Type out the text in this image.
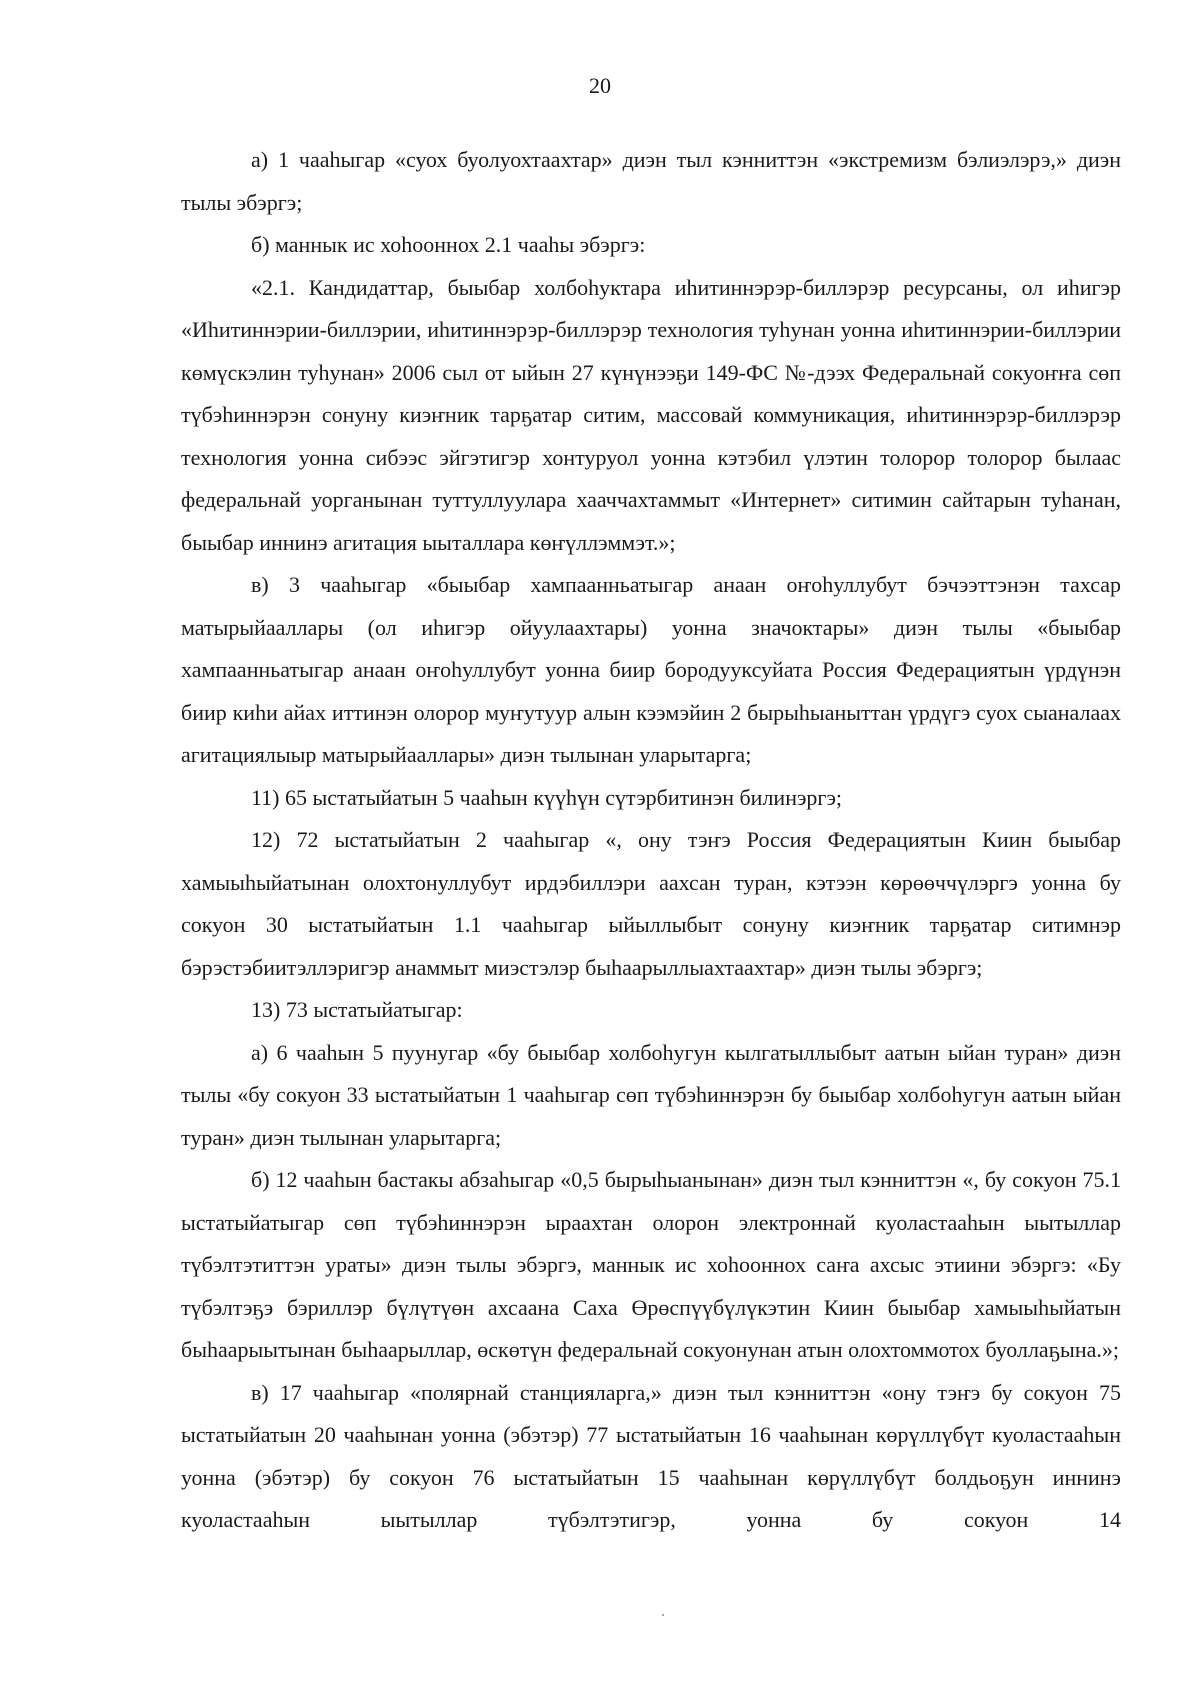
20

а) 1 чааһыгар «суох буолуохтаахтар» диэн тыл кэнниттэн «экстремизм бэлиэлэрэ,» диэн тылы эбэргэ;

б) маннык ис хоһооннох 2.1 чааһы эбэргэ:

«2.1. Кандидаттар, быыбар холбоһуктара иһитиннэрэр-биллэрэр ресурсаны, ол иһигэр «Иһитиннэрии-биллэрии, иһитиннэрэр-биллэрэр технология туһунан уонна иһитиннэрии-биллэрии көмүскэлин туһунан» 2006 сыл от ыйын 27 күнүнээҕи 149-ФС №-дээх Федеральнай сокуоҥҥа сөп түбэһиннэрэн сонуну киэҥник тарҕатар ситим, массовай коммуникация, иһитиннэрэр-биллэрэр технология уонна сибээс эйгэтигэр хонтуруол уонна кэтэбил үлэтин толорор толорор былаас федеральнай уорганынан туттуллуулара хааччахтаммыт «Интернет» ситимин сайтарын туһанан, быыбар иннинэ агитация ыыталлара көҥүллэммэт.»;

в) 3 чааһыгар «быыбар хампаанньатыгар анаан оҥоһуллубут бэчээттэнэн тахсар матырыйааллары (ол иһигэр ойуулаахтары) уонна значоктары» диэн тылы «быыбар хампаанньатыгар анаан оҥоһуллубут уонна биир бородууксуйата Россия Федерациятын үрдүнэн биир киһи айах иттинэн олорор муҥутуур алын кээмэйин 2 бырыһыаныттан үрдүгэ суох сыаналаах агитациялыыр матырыйааллары» диэн тылынан уларытарга;

11) 65 ыстатыйатын 5 чааһын күүһүн сүтэрбитинэн билинэргэ;

12) 72 ыстатыйатын 2 чааһыгар «, ону тэҥэ Россия Федерациятын Киин быыбар хамыыһыйатынан олохтонуллубут ирдэбиллэри аахсан туран, кэтээн көрөөччүлэргэ уонна бу сокуон 30 ыстатыйатын 1.1 чааһыгар ыйыллыбыт сонуну киэҥник тарҕатар ситимнэр бэрэстэбиитэллэригэр анаммыт миэстэлэр быһаарыллыахтаахтар» диэн тылы эбэргэ;

13) 73 ыстатыйатыгар:

а) 6 чааһын 5 пуунугар «бу быыбар холбоһугун кылгатыллыбыт аатын ыйан туран» диэн тылы «бу сокуон 33 ыстатыйатын 1 чааһыгар сөп түбэһиннэрэн бу быыбар холбоһугун аатын ыйан туран» диэн тылынан уларытарга;

б) 12 чааһын бастакы абзаһыгар «0,5 бырыһыанынан» диэн тыл кэнниттэн «, бу сокуон 75.1 ыстатыйатыгар сөп түбэһиннэрэн ыраахтан олорон электроннай куоластааһын ыытыллар түбэлтэтиттэн ураты» диэн тылы эбэргэ, маннык ис хоһооннох саҥа ахсыс этиини эбэргэ: «Бу түбэлтэҕэ бэриллэр бүлүтүөн ахсаана Саха Өрөспүүбүлүкэтин Киин быыбар хамыыһыйатын быһаарыытынан быһаарыллар, өскөтүн федеральнай сокуонунан атын олохтоммотох буоллаҕына.»;

в) 17 чааһыгар «полярнай станцияларга,» диэн тыл кэнниттэн «ону тэҥэ бу сокуон 75 ыстатыйатын 20 чааһынан уонна (эбэтэр) 77 ыстатыйатын 16 чааһынан көрүллүбүт куоластааһын уонна (эбэтэр) бу сокуон 76 ыстатыйатын 15 чааһынан көрүллүбүт болдьоҕун иннинэ куоластааһын ыытыллар түбэлтэтигэр, уонна бу сокуон 14
